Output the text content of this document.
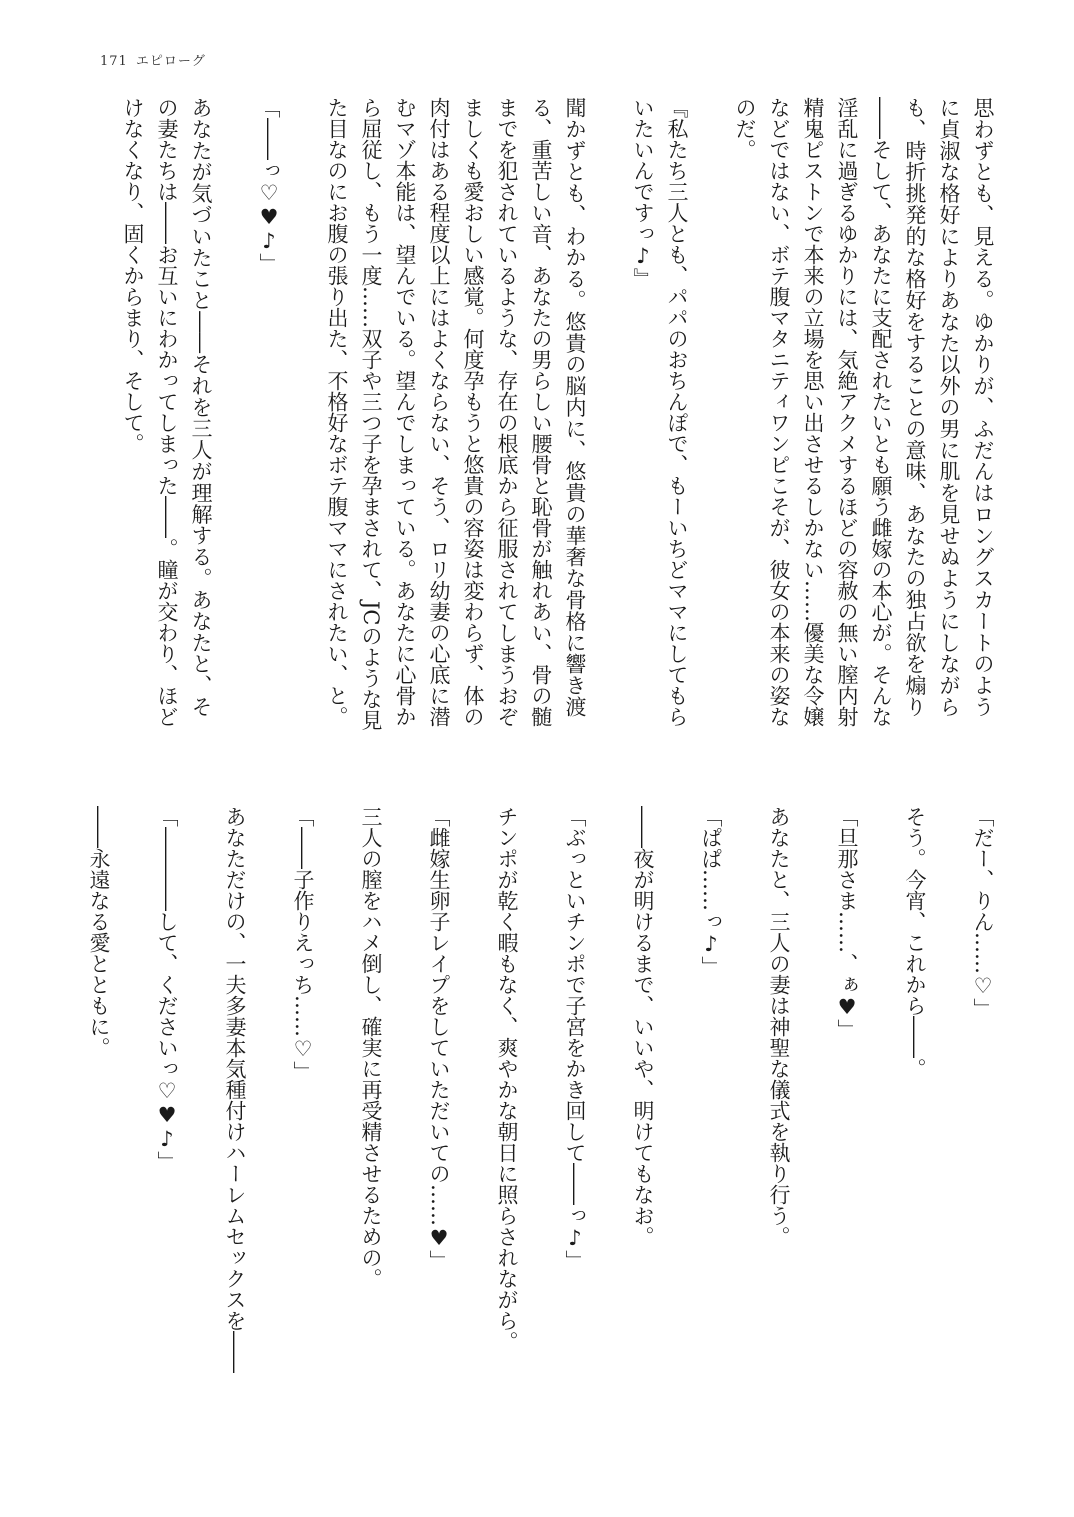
171 エピローグ
思わずとも、見える。ゆかりが、ふだんはロングスカートのよう
に貞淑な格好によりあなた以外の男に肌を見せぬようにしながら
も、時折挑発的な格好をすることの意味、あなたの独占欲を煽り
――そして、あなたに支配されたいとも願う雌嫁の本心が。そんな
淫乱に過ぎるゆかりには、気絶アクメするほどの容赦の無い膣内射
精鬼ピストンで本来の立場を思い出させるしかない……優美な令嬢
などではない、ボテ腹マタニティワンピこそが、彼女の本来の姿な
のだ。
『私たち三人とも、パパのおちんぽで、もーいちどママにしてもら
いたいんですっ♪』
聞かずとも、わかる。悠貴の脳内に、悠貴の華奢な骨格に響き渡
る、重苦しい音、あなたの男らしい腰骨と恥骨が触れあい、骨の髄
までを犯されているような、存在の根底から征服されてしまうおぞ
ましくも愛おしい感覚。何度孕もうと悠貴の容姿は変わらず、体の
肉付はある程度以上にはよくならない、そう、ロリ幼妻の心底に潜
むマゾ本能は、望んでいる。望んでしまっている。あなたに心骨か
ら屈従し、もう一度……双子や三つ子を孕まされて、JCのような見
た目なのにお腹の張り出た、不格好なボテ腹ママにされたい、と。
「――っ♡♥♪」
あなたが気づいたこと――それを三人が理解する。あなたと、そ
の妻たちは――お互いにわかってしまった――。瞳が交わり、ほど
けなくなり、固くからまり、そして。
「だー、りん……♡」
そう。今宵、これから――。
「旦那さま……、ぁ♥」
あなたと、三人の妻は神聖な儀式を執り行う。
「ぱぱ……っ♪」
――夜が明けるまで、いいや、明けてもなお。
「ぶっといチンポで子宮をかき回して――っ♪」
チンポが乾く暇もなく、爽やかな朝日に照らされながら。
「雌嫁生卵子レイプをしていただいての……♥」
三人の膣をハメ倒し、確実に再受精させるための。
「――子作りえっち……♡」
あなただけの、一夫多妻本気種付けハーレムセックスを――
「――――して、くださいっ♡♥♪」
――永遠なる愛とともに。
